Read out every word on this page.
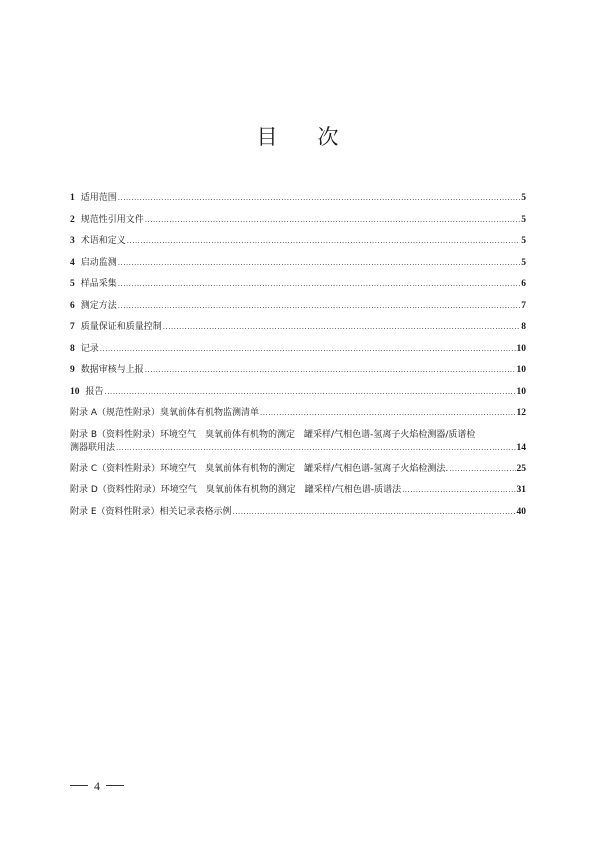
目 次
1 适用范围 .....	5
2 规范性引用文件 .....	5
3 术语和定义 .....	5
4 启动监测 .....	5
5 样品采集 .....	6
6 测定方法 .....	7
7 质量保证和质量控制 .....	8
8 记录 .....	10
9 数据审核与上报 .....	10
10 报告 .....	10
附录 A（规范性附录）臭氧前体有机物监测清单 .....	12
附录 B（资料性附录）环境空气　臭氧前体有机物的测定　罐采样/气相色谱-氢离子火焰检测器/质谱检
测器联用法 .....	14
附录 C（资料性附录）环境空气　臭氧前体有机物的测定　罐采样/气相色谱-氢离子火焰检测法. .....	25
附录 D（资料性附录）环境空气　臭氧前体有机物的测定　罐采样/气相色谱-质谱法 .....	31
附录 E（资料性附录）相关记录表格示例 .....	40
4
